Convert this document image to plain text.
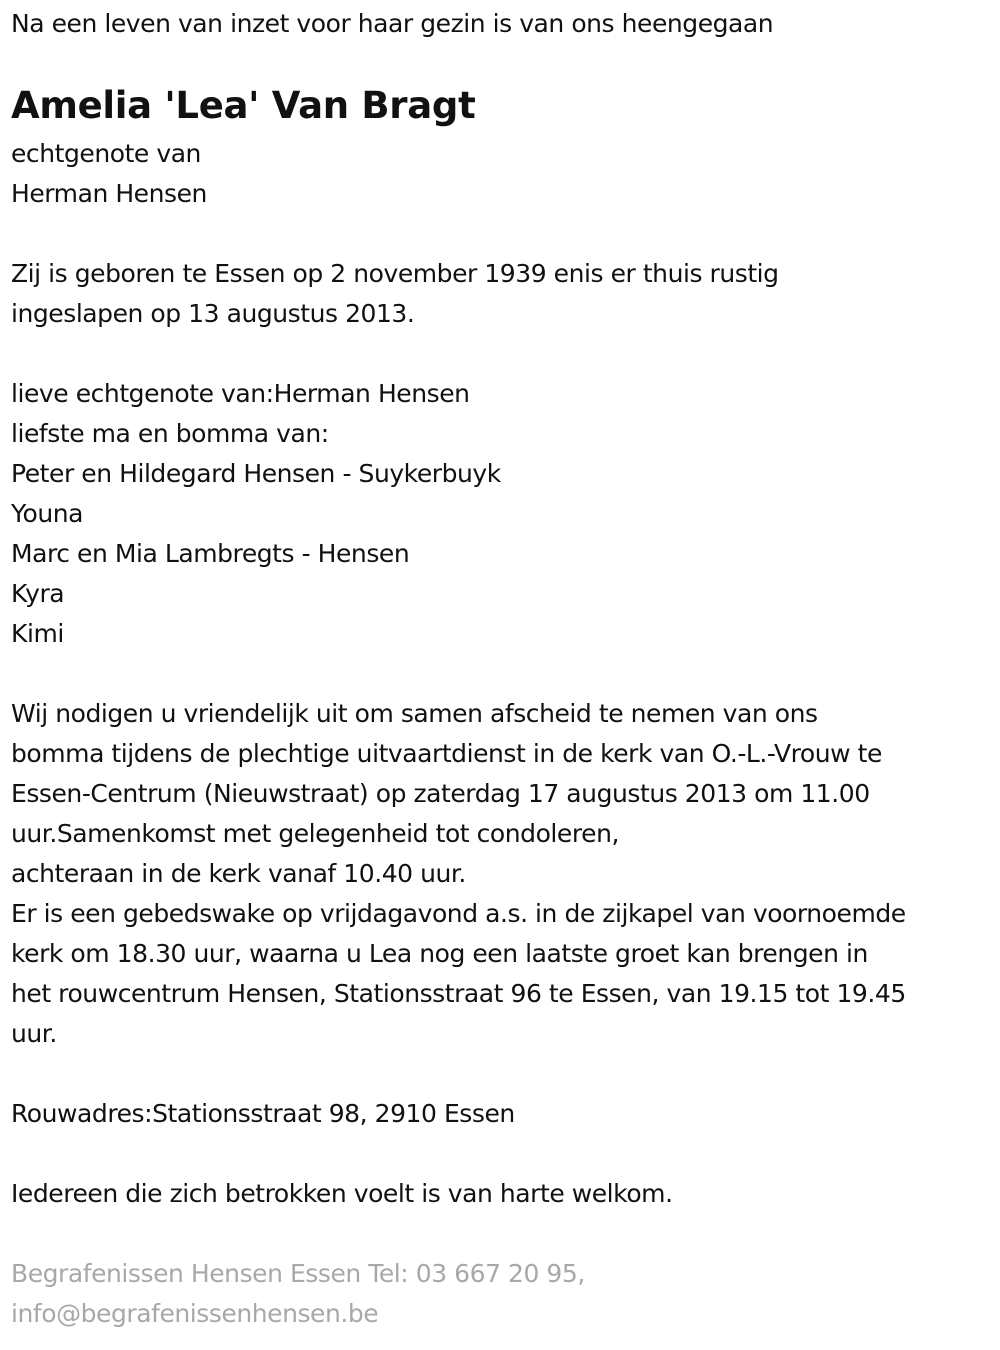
Na een leven van inzet voor haar gezin is van ons heengegaan
Amelia 'Lea' Van Bragt
echtgenote van
Herman Hensen
Zij is geboren te Essen op 2 november 1939 enis er thuis rustig
ingeslapen op 13 augustus 2013.
lieve echtgenote van:Herman Hensen
liefste ma en bomma van:
Peter en Hildegard Hensen - Suykerbuyk
Youna
Marc en Mia Lambregts - Hensen
Kyra
Kimi
Wij nodigen u vriendelijk uit om samen afscheid te nemen van ons
bomma tijdens de plechtige uitvaartdienst in de kerk van O.-L.-Vrouw te
Essen-Centrum (Nieuwstraat) op zaterdag 17 augustus 2013 om 11.00
uur.Samenkomst met gelegenheid tot condoleren,
achteraan in de kerk vanaf 10.40 uur.
Er is een gebedswake op vrijdagavond a.s. in de zijkapel van voornoemde
kerk om 18.30 uur, waarna u Lea nog een laatste groet kan brengen in
het rouwcentrum Hensen, Stationsstraat 96 te Essen, van 19.15 tot 19.45
uur.
Rouwadres:Stationsstraat 98, 2910 Essen
Iedereen die zich betrokken voelt is van harte welkom.
Begrafenissen Hensen Essen Tel: 03 667 20 95,
info@begrafenissenhensen.be
